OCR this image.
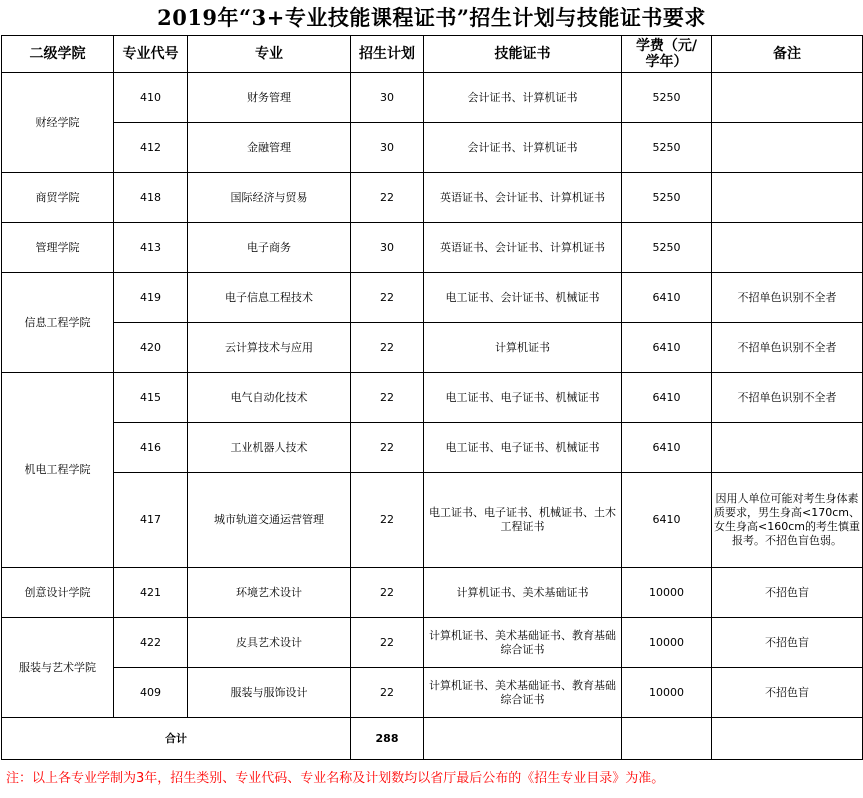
2019年“3+专业技能课程证书”招生计划与技能证书要求
二级学院	专业代号	专业	招生计划	技能证书	学费（元/
学年）	备注
财经学院	410	财务管理	30	会计证书、计算机证书	5250	
	412	金融管理	30	会计证书、计算机证书	5250	
商贸学院	418	国际经济与贸易	22	英语证书、会计证书、计算机证书	5250	
管理学院	413	电子商务	30	英语证书、会计证书、计算机证书	5250	
信息工程学院	419	电子信息工程技术	22	电工证书、会计证书、机械证书	6410	不招单色识别不全者
	420	云计算技术与应用	22	计算机证书	6410	不招单色识别不全者
机电工程学院	415	电气自动化技术	22	电工证书、电子证书、机械证书	6410	不招单色识别不全者
	416	工业机器人技术	22	电工证书、电子证书、机械证书	6410	
	417	城市轨道交通运营管理	22	电工证书、电子证书、机械证书、土木工程证书	6410	因用人单位可能对考生身体素质要求，男生身高<170cm、女生身高<160cm的考生慎重报考。不招色盲色弱。
创意设计学院	421	环境艺术设计	22	计算机证书、美术基础证书	10000	不招色盲
服装与艺术学院	422	皮具艺术设计	22	计算机证书、美术基础证书、教育基础综合证书	10000	不招色盲
	409	服装与服饰设计	22	计算机证书、美术基础证书、教育基础综合证书	10000	不招色盲
合计			288			
注：以上各专业学制为3年，招生类别、专业代码、专业名称及计划数均以省厅最后公布的《招生专业目录》为准。
